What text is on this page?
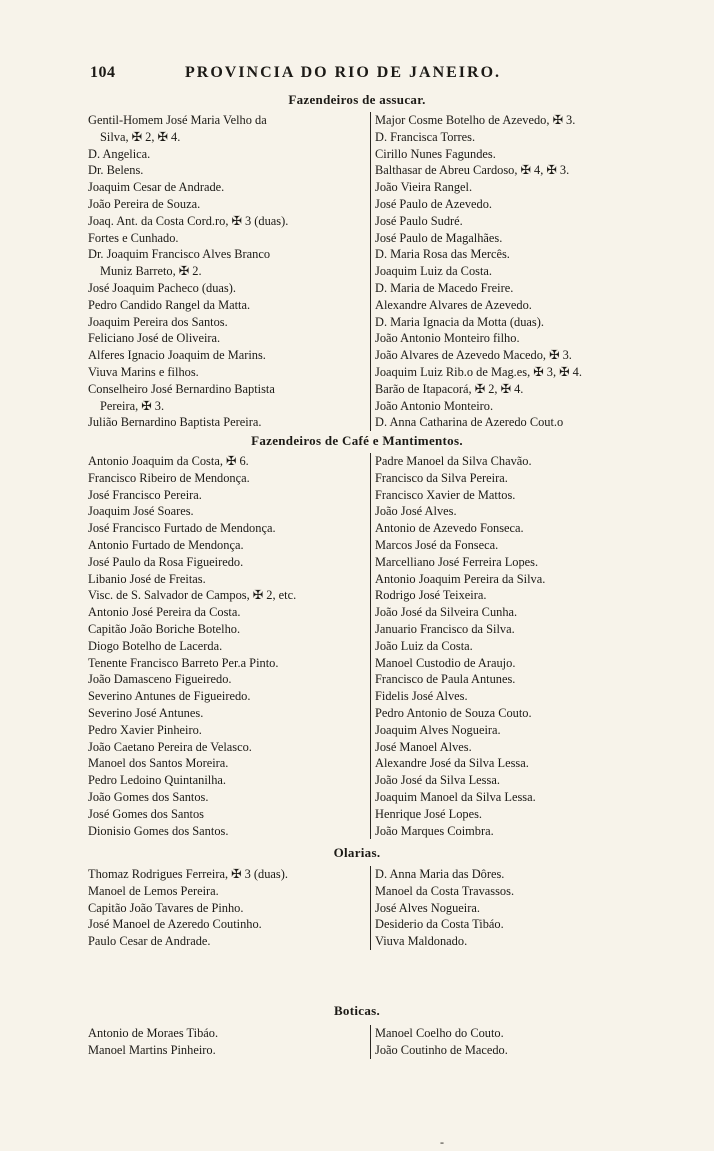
104	PROVINCIA DO RIO DE JANEIRO.
Fazendeiros de assucar.
Gentil-Homem José Maria Velho da
Silva, ✠ 2, ✠ 4.
D. Angelica.
Dr. Belens.
Joaquim Cesar de Andrade.
João Pereira de Souza.
Joaq. Ant. da Costa Cord.ro, ✠ 3 (duas).
Fortes e Cunhado.
Dr. Joaquim Francisco Alves Branco
Muniz Barreto, ✠ 2.
José Joaquim Pacheco (duas).
Pedro Candido Rangel da Matta.
Joaquim Pereira dos Santos.
Feliciano José de Oliveira.
Alferes Ignacio Joaquim de Marins.
Viuva Marins e filhos.
Conselheiro José Bernardino Baptista
Pereira, ✠ 3.
Julião Bernardino Baptista Pereira.
Major Cosme Botelho de Azevedo, ✠ 3.
D. Francisca Torres.
Cirillo Nunes Fagundes.
Balthasar de Abreu Cardoso, ✠ 4, ✠ 3.
João Vieira Rangel.
José Paulo de Azevedo.
José Paulo Sudré.
José Paulo de Magalhães.
D. Maria Rosa das Mercês.
Joaquim Luiz da Costa.
D. Maria de Macedo Freire.
Alexandre Alvares de Azevedo.
D. Maria Ignacia da Motta (duas).
João Antonio Monteiro filho.
João Alvares de Azevedo Macedo, ✠ 3.
Joaquim Luiz Rib.o de Mag.es, ✠ 3, ✠ 4.
Barão de Itapacorá, ✠ 2, ✠ 4.
João Antonio Monteiro.
D. Anna Catharina de Azeredo Cout.o
Fazendeiros de Café e Mantimentos.
Antonio Joaquim da Costa, ✠ 6.
Francisco Ribeiro de Mendonça.
José Francisco Pereira.
Joaquim José Soares.
José Francisco Furtado de Mendonça.
Antonio Furtado de Mendonça.
José Paulo da Rosa Figueiredo.
Libanio José de Freitas.
Visc. de S. Salvador de Campos, ✠ 2, etc.
Antonio José Pereira da Costa.
Capitão João Boriche Botelho.
Diogo Botelho de Lacerda.
Tenente Francisco Barreto Per.a Pinto.
João Damasceno Figueiredo.
Severino Antunes de Figueiredo.
Severino José Antunes.
Pedro Xavier Pinheiro.
João Caetano Pereira de Velasco.
Manoel dos Santos Moreira.
Pedro Ledoino Quintanilha.
João Gomes dos Santos.
José Gomes dos Santos
Dionisio Gomes dos Santos.
Padre Manoel da Silva Chavão.
Francisco da Silva Pereira.
Francisco Xavier de Mattos.
João José Alves.
Antonio de Azevedo Fonseca.
Marcos José da Fonseca.
Marcelliano José Ferreira Lopes.
Antonio Joaquim Pereira da Silva.
Rodrigo José Teixeira.
João José da Silveira Cunha.
Januario Francisco da Silva.
João Luiz da Costa.
Manoel Custodio de Araujo.
Francisco de Paula Antunes.
Fidelis José Alves.
Pedro Antonio de Souza Couto.
Joaquim Alves Nogueira.
José Manoel Alves.
Alexandre José da Silva Lessa.
João José da Silva Lessa.
Joaquim Manoel da Silva Lessa.
Henrique José Lopes.
João Marques Coimbra.
Olarias.
Thomaz Rodrigues Ferreira, ✠ 3 (duas).
Manoel de Lemos Pereira.
Capitão João Tavares de Pinho.
José Manoel de Azeredo Coutinho.
Paulo Cesar de Andrade.
D. Anna Maria das Dôres.
Manoel da Costa Travassos.
José Alves Nogueira.
Desiderio da Costa Tibáo.
Viuva Maldonado.
Boticas.
Antonio de Moraes Tibáo.
Manoel Martins Pinheiro.
Manoel Coelho do Couto.
João Coutinho de Macedo.
-
